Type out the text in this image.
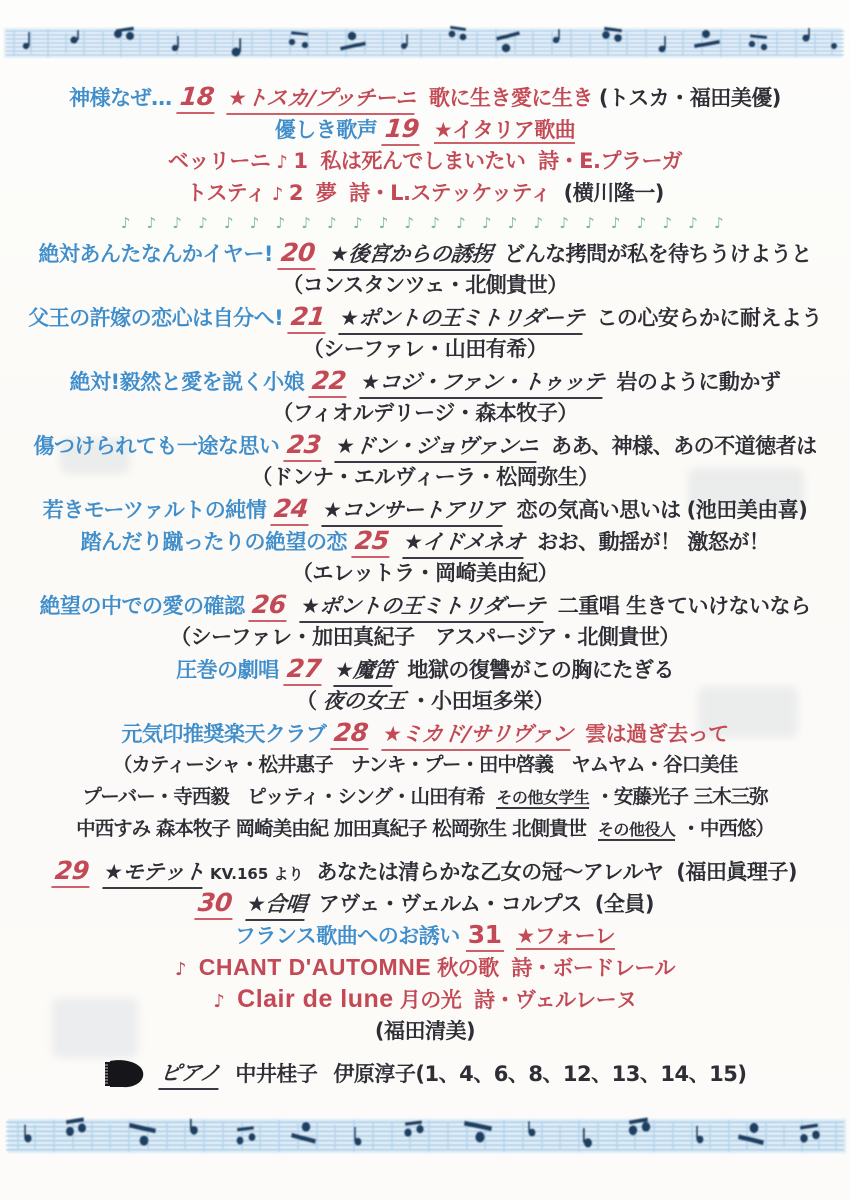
神様なぜ… 18 ★トスカ/プッチーニ 歌に生き愛に生き (トスカ・福田美優)
優しき歌声 19 ★イタリア歌曲
ベッリーニ ♪ 1 私は死んでしまいたい 詩・E.プラーガ
トスティ ♪ 2 夢 詩・L.ステッケッティ (横川隆一)
♪ ♪ ♪ ♪ ♪ ♪ ♪ ♪ ♪ ♪ ♪ ♪ ♪ ♪ ♪ ♪ ♪ ♪ ♪ ♪ ♪ ♪ ♪ ♪
絶対あんたなんかイヤー! 20 ★後宮からの誘拐 どんな拷問が私を待ちうけようと
（コンスタンツェ・北側貴世）
父王の許嫁の恋心は自分へ! 21 ★ポントの王ミトリダーテ この心安らかに耐えよう
（シーファレ・山田有希）
絶対!毅然と愛を説く小娘 22 ★コジ・ファン・トゥッテ 岩のように動かず
（フィオルデリージ・森本牧子）
傷つけられても一途な思い 23 ★ドン・ジョヴァンニ ああ、神様、あの不道徳者は
（ドンナ・エルヴィーラ・松岡弥生）
若きモーツァルトの純情 24 ★コンサートアリア 恋の気高い思いは (池田美由喜)
踏んだり蹴ったりの絶望の恋 25 ★イドメネオ おお、動揺が！ 激怒が！
（エレットラ・岡崎美由紀）
絶望の中での愛の確認 26 ★ポントの王ミトリダーテ 二重唱 生きていけないなら
（シーファレ・加田真紀子　アスパージア・北側貴世）
圧巻の劇唱 27 ★魔笛 地獄の復讐がこの胸にたぎる
（ 夜の女王 ・小田垣多栄）
元気印推奨楽天クラブ 28 ★ミカド/サリヴァン 雲は過ぎ去って
（カティーシャ・松井惠子　ナンキ・プー・田中啓義　ヤムヤム・谷口美佳
プーバー・寺西毅　ピッティ・シング・山田有希 その他女学生 ・安藤光子 三木三弥
中西すみ 森本牧子 岡崎美由紀 加田真紀子 松岡弥生 北側貴世 その他役人 ・中西悠）
29 ★モテット KV.165 より あなたは清らかな乙女の冠～アレルヤ (福田眞理子)
30 ★合唱 アヴェ・ヴェルム・コルプス (全員)
フランス歌曲へのお誘い 31 ★フォーレ
♪ CHANT D'AUTOMNE 秋の歌 詩・ボードレール
♪ Clair de lune 月の光 詩・ヴェルレーヌ
(福田清美)
ピアノ 中井桂子 伊原淳子(1、4、6、8、12、13、14、15)
